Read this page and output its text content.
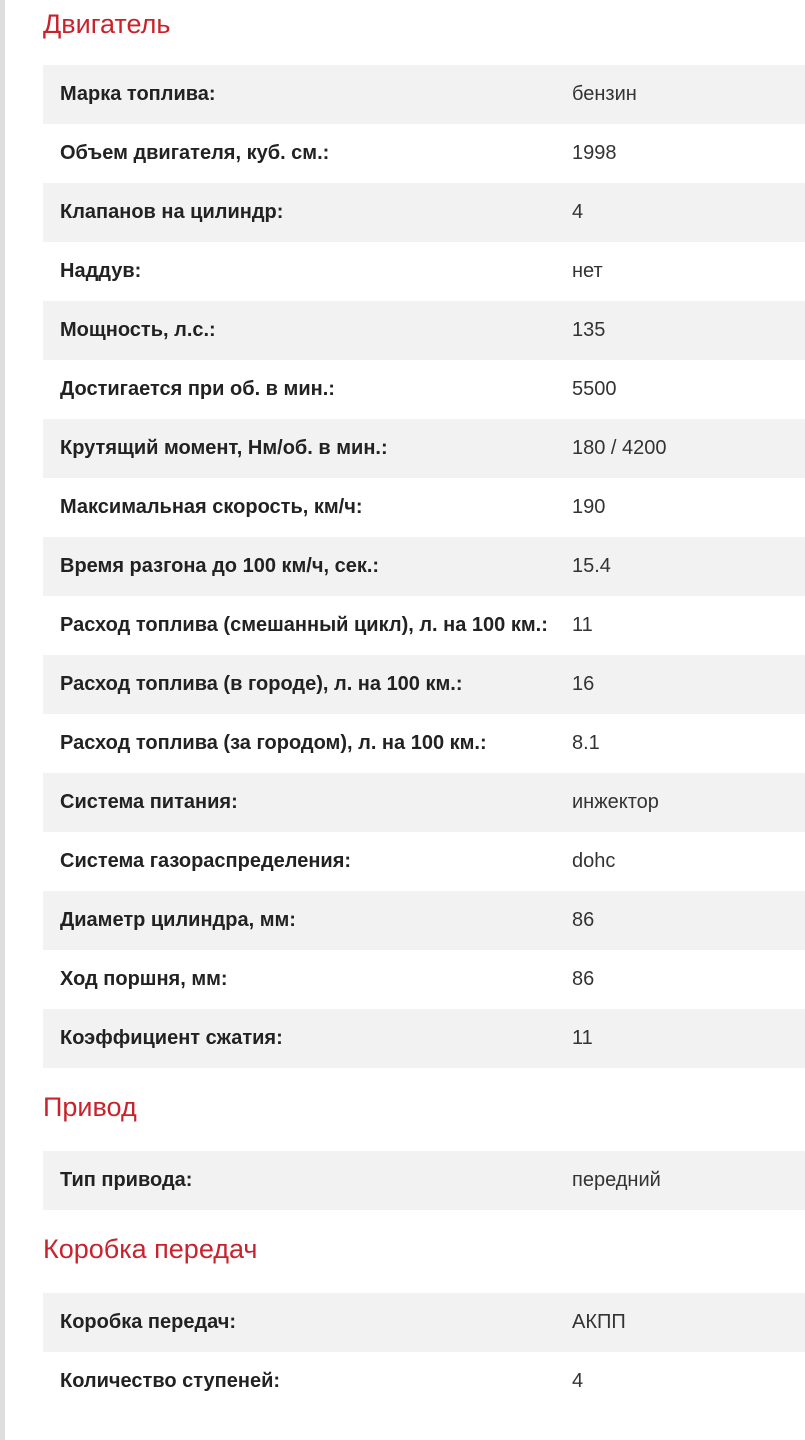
Двигатель
Марка топлива:	бензин
Объем двигателя, куб. см.:	1998
Клапанов на цилиндр:	4
Наддув:	нет
Мощность, л.с.:	135
Достигается при об. в мин.:	5500
Крутящий момент, Нм/об. в мин.:	180 / 4200
Максимальная скорость, км/ч:	190
Время разгона до 100 км/ч, сек.:	15.4
Расход топлива (смешанный цикл), л. на 100 км.:	11
Расход топлива (в городе), л. на 100 км.:	16
Расход топлива (за городом), л. на 100 км.:	8.1
Система питания:	инжектор
Система газораспределения:	dohc
Диаметр цилиндра, мм:	86
Ход поршня, мм:	86
Коэффициент сжатия:	11
Привод
Тип привода:	передний
Коробка передач
Коробка передач:	АКПП
Количество ступеней:	4
